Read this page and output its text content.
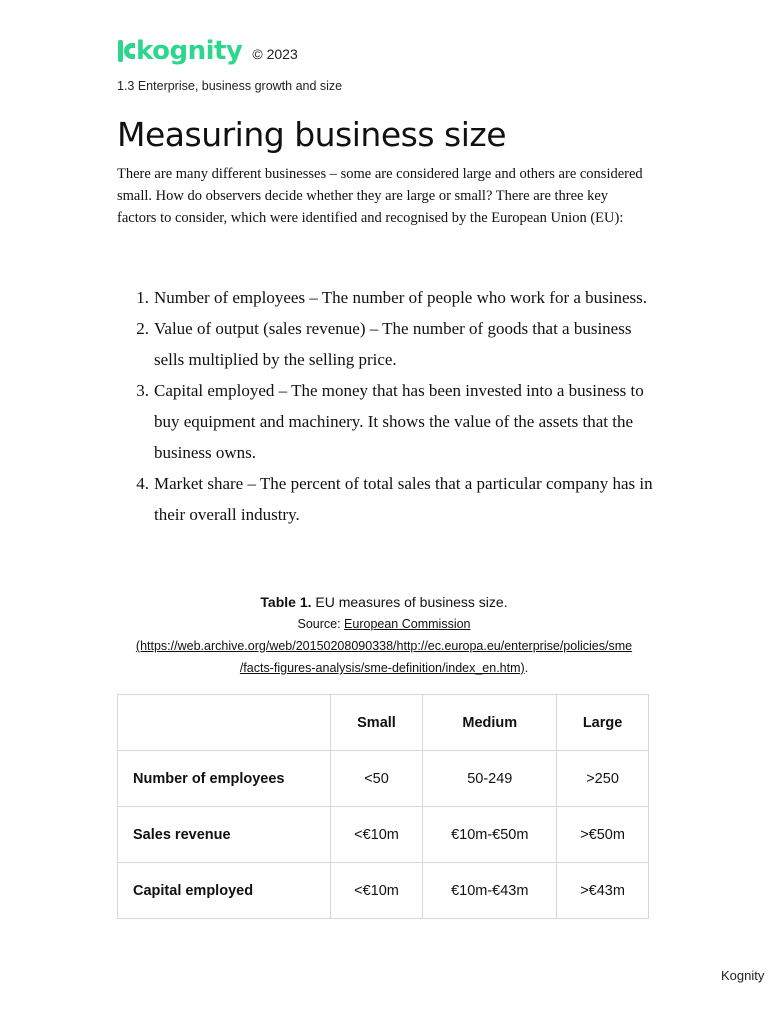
kognity © 2023
1.3 Enterprise, business growth and size
Measuring business size

There are many different businesses – some are considered large and others are considered small. How do observers decide whether they are large or small? There are three key factors to consider, which were identified and recognised by the European Union (EU):

1. Number of employees – The number of people who work for a business.
2. Value of output (sales revenue) – The number of goods that a business sells multiplied by the selling price.
3. Capital employed – The money that has been invested into a business to buy equipment and machinery. It shows the value of the assets that the business owns.
4. Market share – The percent of total sales that a particular company has in their overall industry.
Table 1. EU measures of business size.
Source: European Commission
(https://web.archive.org/web/20150208090338/http://ec.europa.eu/enterprise/policies/sme
/facts-figures-analysis/sme-definition/index_en.htm).
	Small	Medium	Large
Number of employees	<50	50-249	>250
Sales revenue	<€10m	€10m-€50m	>€50m
Capital employed	<€10m	€10m-€43m	>€43m
Kognity
